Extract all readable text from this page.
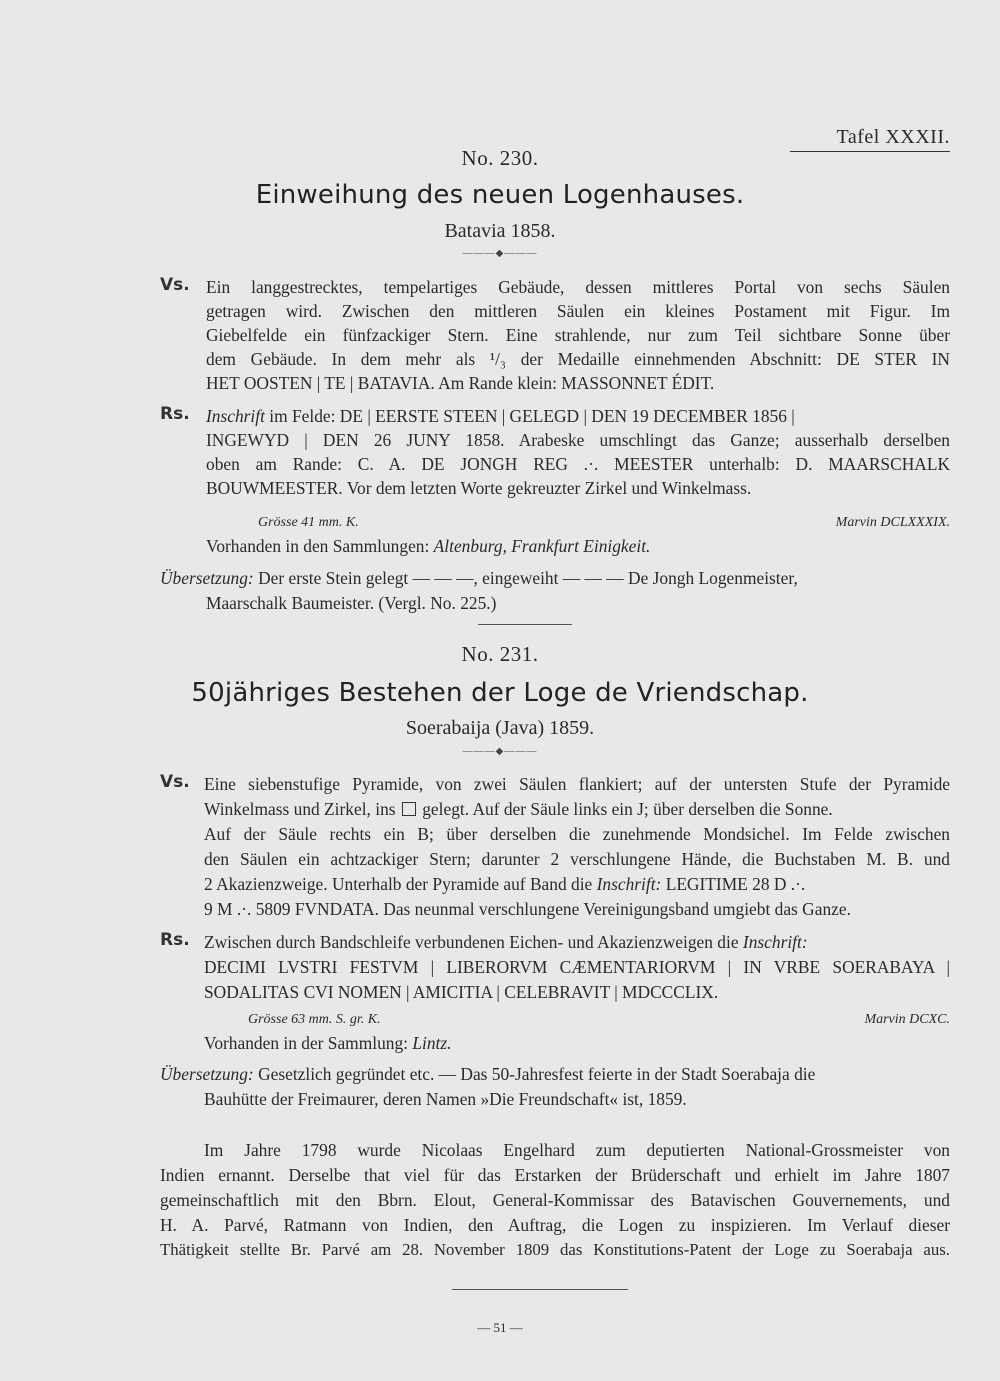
Tafel XXXII.
No. 230.
Einweihung des neuen Logenhauses.
Batavia 1858.
———◆———
Vs. Ein langgestrecktes, tempelartiges Gebäude, dessen mittleres Portal von sechs Säulen
getragen wird. Zwischen den mittleren Säulen ein kleines Postament mit Figur. Im
Giebelfelde ein fünfzackiger Stern. Eine strahlende, nur zum Teil sichtbare Sonne über
dem Gebäude. In dem mehr als ¹/₃ der Medaille einnehmenden Abschnitt: DE STER IN
HET OOSTEN | TE | BATAVIA. Am Rande klein: MASSONNET ÉDIT.
Rs. Inschrift im Felde: DE | EERSTE STEEN | GELEGD | DEN 19 DECEMBER 1856 |
INGEWYD | DEN 26 JUNY 1858. Arabeske umschlingt das Ganze; ausserhalb derselben
oben am Rande: C. A. DE JONGH REG .·. MEESTER unterhalb: D. MAARSCHALK
BOUWMEESTER. Vor dem letzten Worte gekreuzter Zirkel und Winkelmass.
Grösse 41 mm. K.	Marvin DCLXXXIX.
Vorhanden in den Sammlungen: Altenburg, Frankfurt Einigkeit.
Übersetzung: Der erste Stein gelegt — — —, eingeweiht — — — De Jongh Logenmeister,
Maarschalk Baumeister. (Vergl. No. 225.)
No. 231.
50jähriges Bestehen der Loge de Vriendschap.
Soerabaija (Java) 1859.
———◆———
Vs. Eine siebenstufige Pyramide, von zwei Säulen flankiert; auf der untersten Stufe der Pyramide
Winkelmass und Zirkel, ins  gelegt. Auf der Säule links ein J; über derselben die Sonne.
Auf der Säule rechts ein B; über derselben die zunehmende Mondsichel. Im Felde zwischen
den Säulen ein achtzackiger Stern; darunter 2 verschlungene Hände, die Buchstaben M. B. und
2 Akazienzweige. Unterhalb der Pyramide auf Band die Inschrift: LEGITIME 28 D .·.
9 M .·. 5809 FVNDATA. Das neunmal verschlungene Vereinigungsband umgiebt das Ganze.
Rs. Zwischen durch Bandschleife verbundenen Eichen- und Akazienzweigen die Inschrift:
DECIMI LVSTRI FESTVM | LIBERORVM CÆMENTARIORVM | IN VRBE SOERABAYA |
SODALITAS CVI NOMEN | AMICITIA | CELEBRAVIT | MDCCCLIX.
Grösse 63 mm. S. gr. K.	Marvin DCXC.
Vorhanden in der Sammlung: Lintz.
Übersetzung: Gesetzlich gegründet etc. — Das 50-Jahresfest feierte in der Stadt Soerabaja die
Bauhütte der Freimaurer, deren Namen »Die Freundschaft« ist, 1859.
Im Jahre 1798 wurde Nicolaas Engelhard zum deputierten National-Grossmeister von
Indien ernannt. Derselbe that viel für das Erstarken der Brüderschaft und erhielt im Jahre 1807
gemeinschaftlich mit den Bbrn. Elout, General-Kommissar des Batavischen Gouvernements, und
H. A. Parvé, Ratmann von Indien, den Auftrag, die Logen zu inspizieren. Im Verlauf dieser
Thätigkeit stellte Br. Parvé am 28. November 1809 das Konstitutions-Patent der Loge zu Soerabaja aus.
— 51 —
